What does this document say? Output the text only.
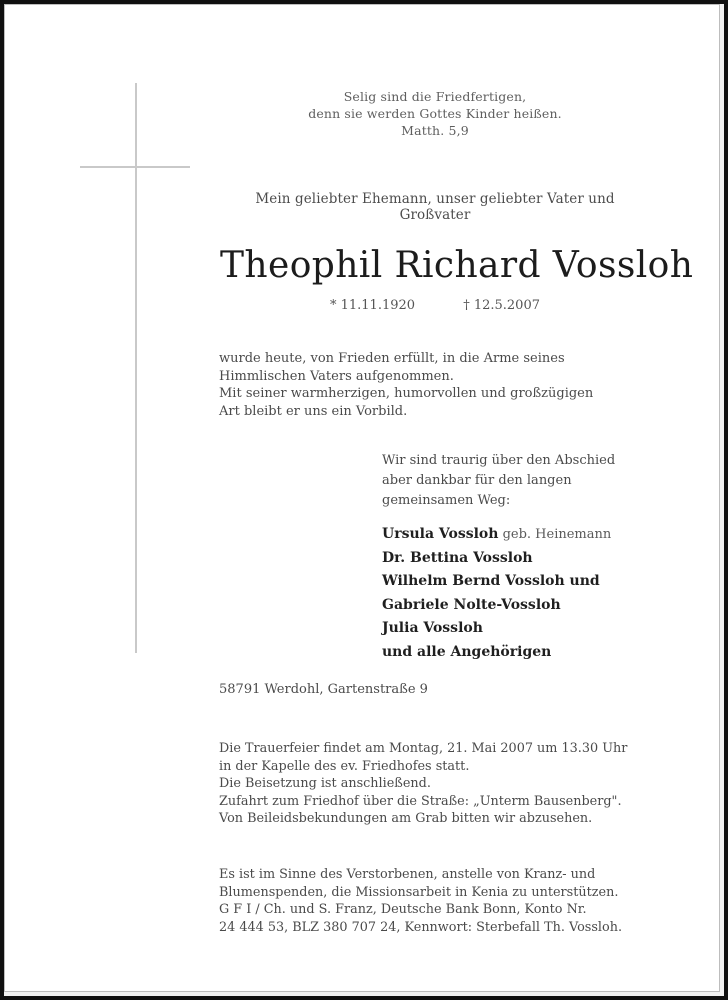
Selig sind die Friedfertigen,
denn sie werden Gottes Kinder heißen.
Matth. 5,9
Mein geliebter Ehemann, unser geliebter Vater und Großvater
Theophil Richard Vossloh
* 11.11.1920	† 12.5.2007
wurde heute, von Frieden erfüllt, in die Arme seines
Himmlischen Vaters aufgenommen.
Mit seiner warmherzigen, humorvollen und großzügigen
Art bleibt er uns ein Vorbild.
Wir sind traurig über den Abschied
aber dankbar für den langen
gemeinsamen Weg:
Ursula Vossloh geb. Heinemann
Dr. Bettina Vossloh
Wilhelm Bernd Vossloh und
Gabriele Nolte-Vossloh
Julia Vossloh
und alle Angehörigen
58791 Werdohl, Gartenstraße 9
Die Trauerfeier findet am Montag, 21. Mai 2007 um 13.30 Uhr
in der Kapelle des ev. Friedhofes statt.
Die Beisetzung ist anschließend.
Zufahrt zum Friedhof über die Straße: „Unterm Bausenberg".
Von Beileidsbekundungen am Grab bitten wir abzusehen.
Es ist im Sinne des Verstorbenen, anstelle von Kranz- und
Blumenspenden, die Missionsarbeit in Kenia zu unterstützen.
G F I / Ch. und S. Franz, Deutsche Bank Bonn, Konto Nr.
24 444 53, BLZ 380 707 24, Kennwort: Sterbefall Th. Vossloh.
